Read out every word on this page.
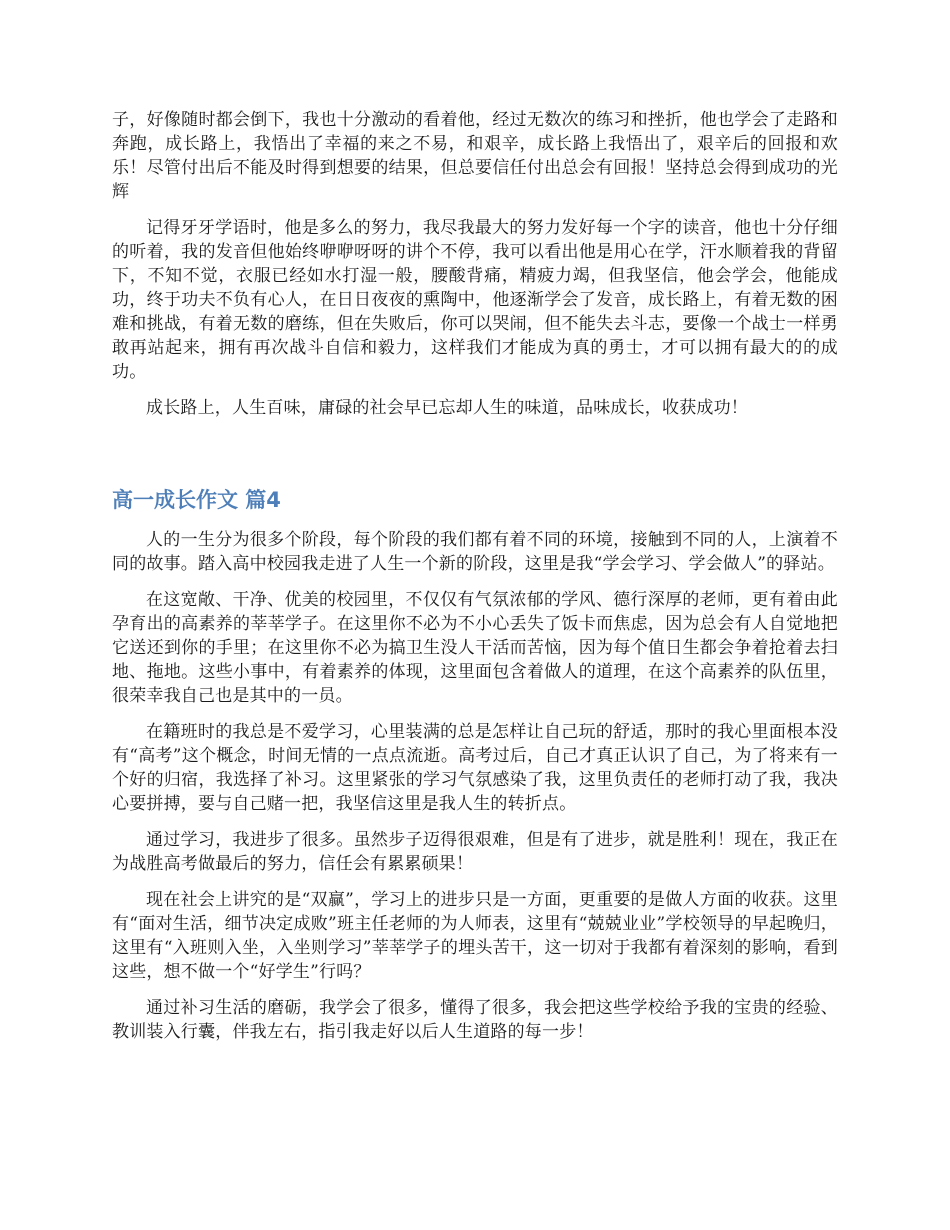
子，好像随时都会倒下，我也十分激动的看着他，经过无数次的练习和挫折，他也学会了走路和奔跑，成长路上，我悟出了幸福的来之不易，和艰辛，成长路上我悟出了，艰辛后的回报和欢乐！尽管付出后不能及时得到想要的结果，但总要信任付出总会有回报！坚持总会得到成功的光辉

记得牙牙学语时，他是多么的努力，我尽我最大的努力发好每一个字的读音，他也十分仔细的听着，我的发音但他始终咿咿呀呀的讲个不停，我可以看出他是用心在学，汗水顺着我的背留下，不知不觉，衣服已经如水打湿一般，腰酸背痛，精疲力竭，但我坚信，他会学会，他能成功，终于功夫不负有心人，在日日夜夜的熏陶中，他逐渐学会了发音，成长路上，有着无数的困难和挑战，有着无数的磨练，但在失败后，你可以哭闹，但不能失去斗志，要像一个战士一样勇敢再站起来，拥有再次战斗自信和毅力，这样我们才能成为真的勇士，才可以拥有最大的的成功。

成长路上，人生百味，庸碌的社会早已忘却人生的味道，品味成长，收获成功！

高一成长作文 篇4

人的一生分为很多个阶段，每个阶段的我们都有着不同的环境，接触到不同的人，上演着不同的故事。踏入高中校园我走进了人生一个新的阶段，这里是我“学会学习、学会做人”的驿站。

在这宽敞、干净、优美的校园里，不仅仅有气氛浓郁的学风、德行深厚的老师，更有着由此孕育出的高素养的莘莘学子。在这里你不必为不小心丢失了饭卡而焦虑，因为总会有人自觉地把它送还到你的手里；在这里你不必为搞卫生没人干活而苦恼，因为每个值日生都会争着抢着去扫地、拖地。这些小事中，有着素养的体现，这里面包含着做人的道理，在这个高素养的队伍里，很荣幸我自己也是其中的一员。

在籍班时的我总是不爱学习，心里装满的总是怎样让自己玩的舒适，那时的我心里面根本没有“高考”这个概念，时间无情的一点点流逝。高考过后，自己才真正认识了自己，为了将来有一个好的归宿，我选择了补习。这里紧张的学习气氛感染了我，这里负责任的老师打动了我，我决心要拼搏，要与自己赌一把，我坚信这里是我人生的转折点。

通过学习，我进步了很多。虽然步子迈得很艰难，但是有了进步，就是胜利！现在，我正在为战胜高考做最后的努力，信任会有累累硕果！

现在社会上讲究的是“双赢”，学习上的进步只是一方面，更重要的是做人方面的收获。这里有“面对生活，细节决定成败”班主任老师的为人师表，这里有“兢兢业业”学校领导的早起晚归，这里有“入班则入坐，入坐则学习”莘莘学子的埋头苦干，这一切对于我都有着深刻的影响，看到这些，想不做一个“好学生”行吗？

通过补习生活的磨砺，我学会了很多，懂得了很多，我会把这些学校给予我的宝贵的经验、教训装入行囊，伴我左右，指引我走好以后人生道路的每一步！
